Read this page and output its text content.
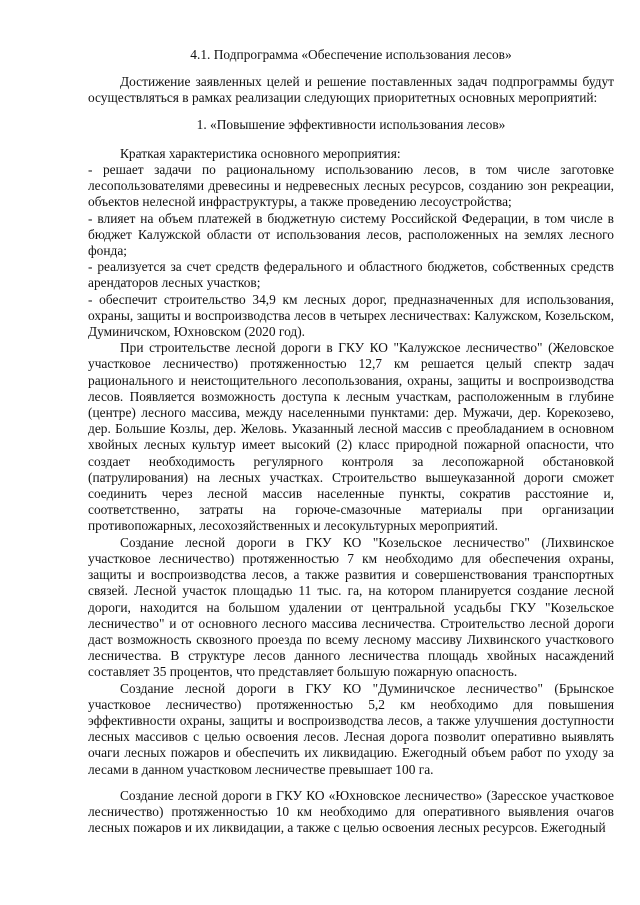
4.1. Подпрограмма «Обеспечение использования лесов»

Достижение заявленных целей и решение поставленных задач подпрограммы будут осуществляться в рамках реализации следующих приоритетных основных мероприятий:

1. «Повышение эффективности использования лесов»

Краткая характеристика основного мероприятия:

- решает задачи по рациональному использованию лесов, в том числе заготовке лесопользователями древесины и недревесных лесных ресурсов, созданию зон рекреации, объектов нелесной инфраструктуры, а также проведению лесоустройства;

- влияет на объем платежей в бюджетную систему Российской Федерации, в том числе в бюджет Калужской области от использования лесов, расположенных на землях лесного фонда;

- реализуется за счет средств федерального и областного бюджетов, собственных средств арендаторов лесных участков;

- обеспечит строительство 34,9 км лесных дорог, предназначенных для использования, охраны, защиты и воспроизводства лесов в четырех лесничествах: Калужском, Козельском, Думиничском, Юхновском (2020 год).

При строительстве лесной дороги в ГКУ КО "Калужское лесничество" (Желовское участковое лесничество) протяженностью 12,7 км решается целый спектр задач рационального и неистощительного лесопользования, охраны, защиты и воспроизводства лесов. Появляется возможность доступа к лесным участкам, расположенным в глубине (центре) лесного массива, между населенными пунктами: дер. Мужачи, дер. Корекозево, дер. Большие Козлы, дер. Желовь. Указанный лесной массив с преобладанием в основном хвойных лесных культур имеет высокий (2) класс природной пожарной опасности, что создает необходимость регулярного контроля за лесопожарной обстановкой (патрулирования) на лесных участках. Строительство вышеуказанной дороги сможет соединить через лесной массив населенные пункты, сократив расстояние и, соответственно, затраты на горюче-смазочные материалы при организации противопожарных, лесохозяйственных и лесокультурных мероприятий.

Создание лесной дороги в ГКУ КО "Козельское лесничество" (Лихвинское участковое лесничество) протяженностью 7 км необходимо для обеспечения охраны, защиты и воспроизводства лесов, а также развития и совершенствования транспортных связей. Лесной участок площадью 11 тыс. га, на котором планируется создание лесной дороги, находится на большом удалении от центральной усадьбы ГКУ "Козельское лесничество" и от основного лесного массива лесничества. Строительство лесной дороги даст возможность сквозного проезда по всему лесному массиву Лихвинского участкового лесничества. В структуре лесов данного лесничества площадь хвойных насаждений составляет 35 процентов, что представляет большую пожарную опасность.

Создание лесной дороги в ГКУ КО "Думиничское лесничество" (Брынское участковое лесничество) протяженностью 5,2 км необходимо для повышения эффективности охраны, защиты и воспроизводства лесов, а также улучшения доступности лесных массивов с целью освоения лесов. Лесная дорога позволит оперативно выявлять очаги лесных пожаров и обеспечить их ликвидацию. Ежегодный объем работ по уходу за лесами в данном участковом лесничестве превышает 100 га.

Создание лесной дороги в ГКУ КО «Юхновское лесничество» (Заресское участковое лесничество) протяженностью 10 км необходимо для оперативного выявления очагов лесных пожаров и их ликвидации, а также с целью освоения лесных ресурсов. Ежегодный
